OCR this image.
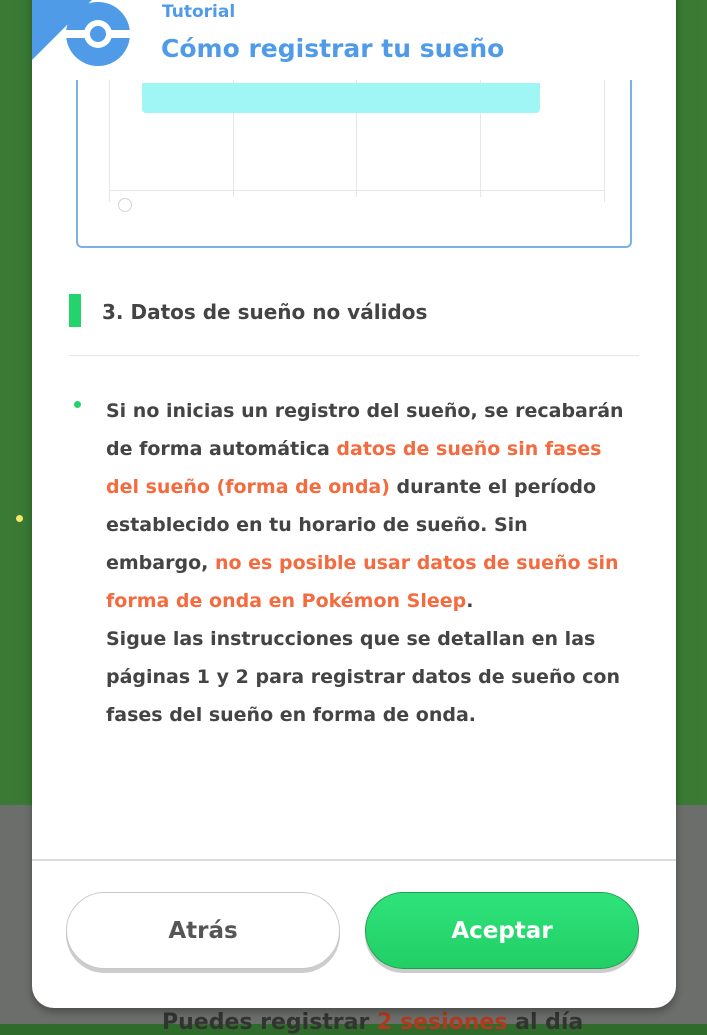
Puedes registrar 2 sesiones al día
Tutorial
Cómo registrar tu sueño
3. Datos de sueño no válidos
Si no inicias un registro del sueño, se recabarán de forma automática datos de sueño sin fases del sueño (forma de onda) durante el período establecido en tu horario de sueño. Sin embargo, no es posible usar datos de sueño sin forma de onda en Pokémon Sleep.
Sigue las instrucciones que se detallan en las páginas 1 y 2 para registrar datos de sueño con fases del sueño en forma de onda.
Atrás	Aceptar
